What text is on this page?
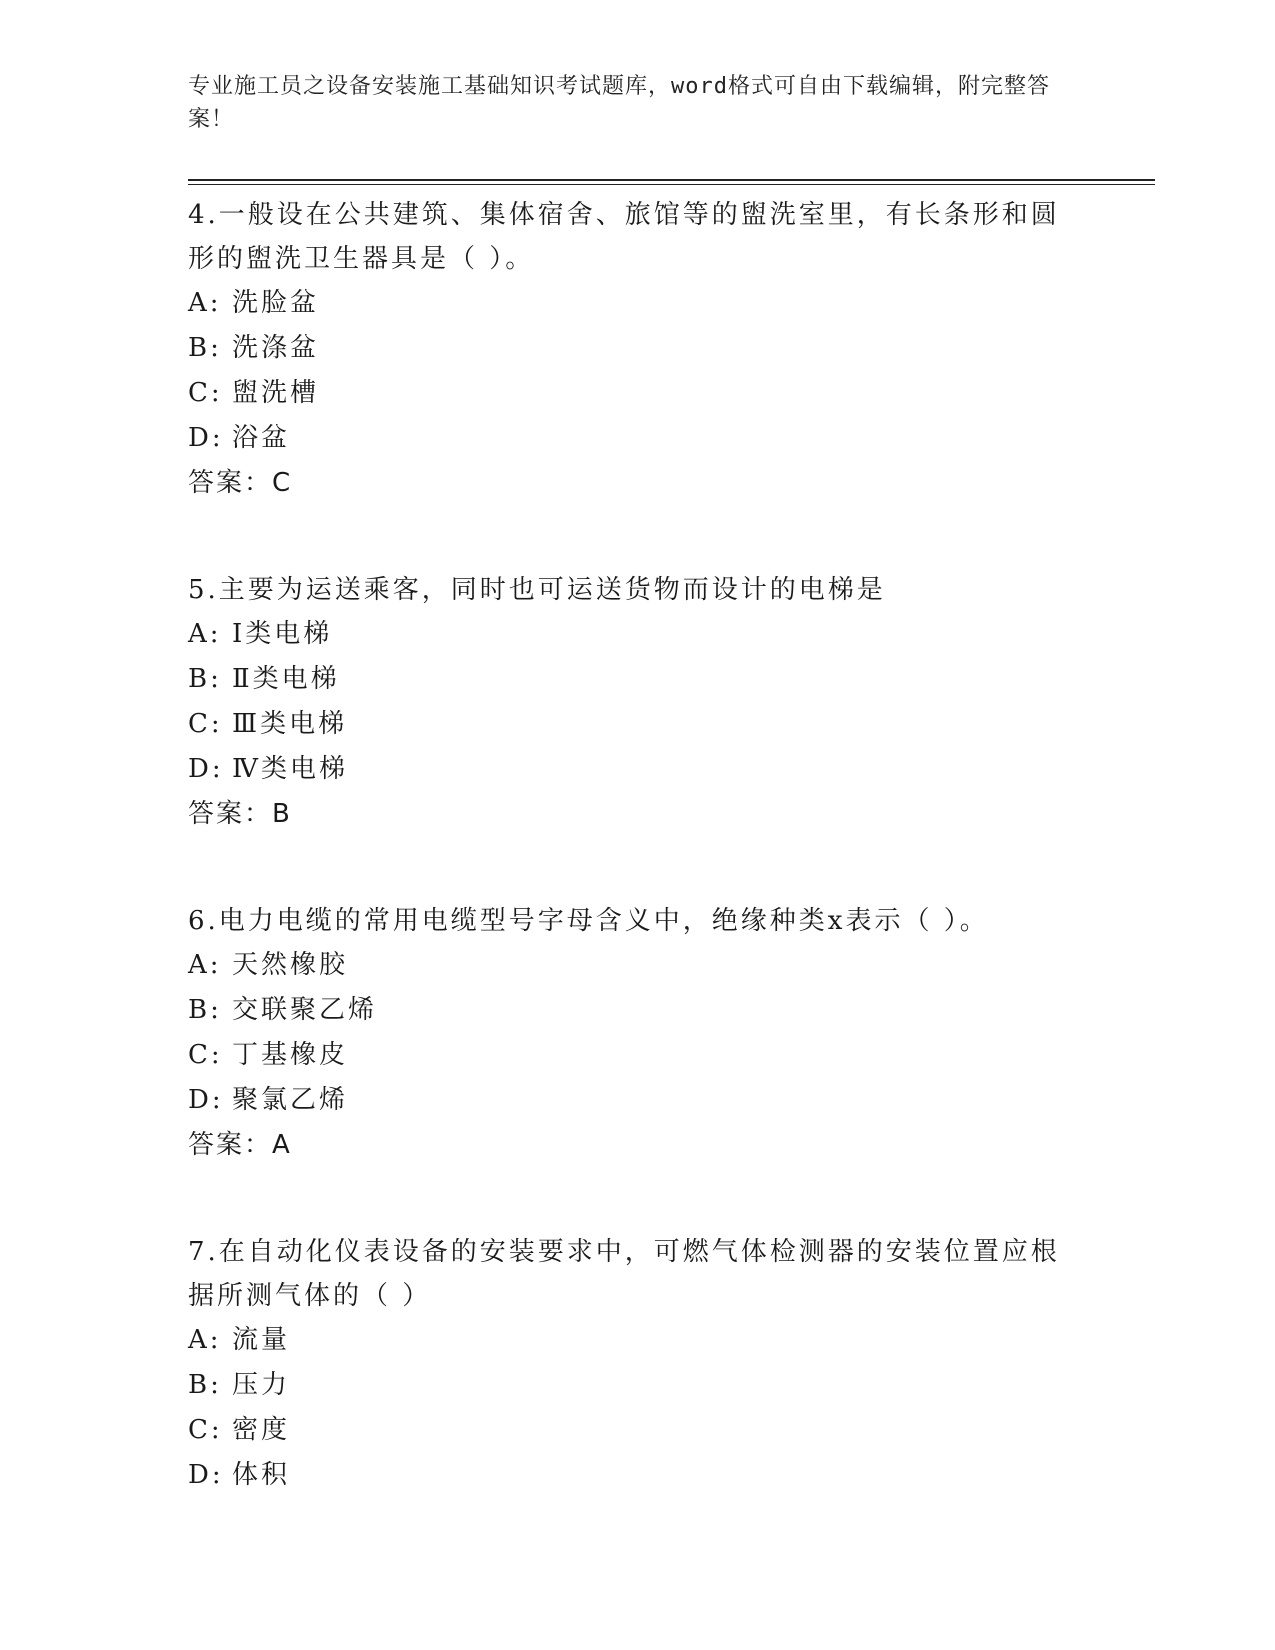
专业施工员之设备安装施工基础知识考试题库，word格式可自由下载编辑，附完整答案！

4.一般设在公共建筑、集体宿舍、旅馆等的盥洗室里，有长条形和圆形的盥洗卫生器具是（ ）。

A: 洗脸盆

B: 洗涤盆

C: 盥洗槽

D: 浴盆

答案：C

5.主要为运送乘客，同时也可运送货物而设计的电梯是

A: Ⅰ类电梯

B: Ⅱ类电梯

C: Ⅲ类电梯

D: Ⅳ类电梯

答案：B

6.电力电缆的常用电缆型号字母含义中，绝缘种类x表示（ ）。

A: 天然橡胶

B: 交联聚乙烯

C: 丁基橡皮

D: 聚氯乙烯

答案：A

7.在自动化仪表设备的安装要求中，可燃气体检测器的安装位置应根据所测气体的（ ）

A: 流量

B: 压力

C: 密度

D: 体积
